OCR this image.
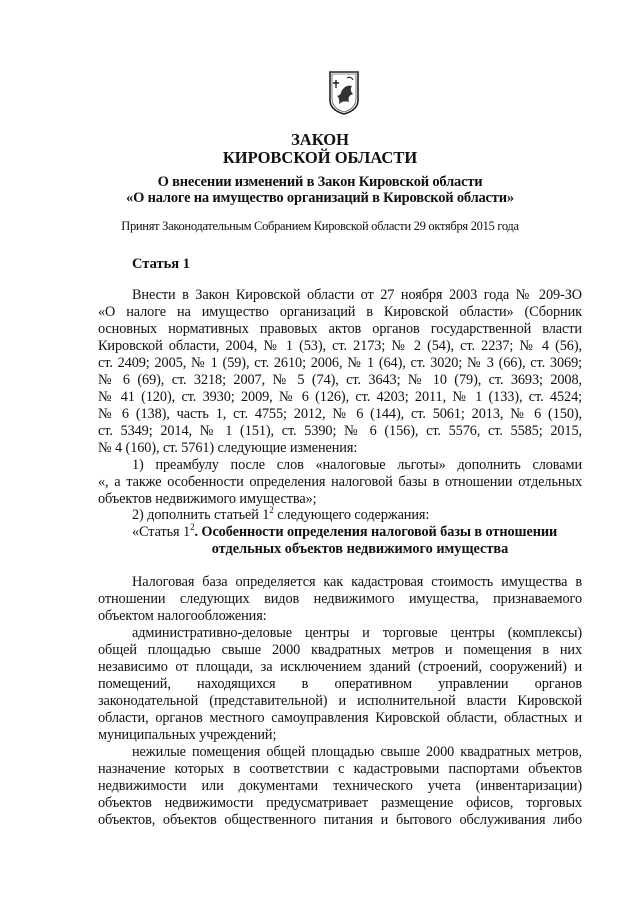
ЗАКОН
КИРОВСКОЙ ОБЛАСТИ
О внесении изменений в Закон Кировской области
«О налоге на имущество организаций в Кировской области»
Принят Законодательным Собранием Кировской области 29 октября 2015 года
Статья 1
Внести в Закон Кировской области от 27 ноября 2003 года № 209-ЗО
«О налоге на имущество организаций в Кировской области» (Сборник
основных нормативных правовых актов органов государственной власти
Кировской области, 2004, № 1 (53), ст. 2173; № 2 (54), ст. 2237; № 4 (56),
ст. 2409; 2005, № 1 (59), ст. 2610; 2006, № 1 (64), ст. 3020; № 3 (66), ст. 3069;
№ 6 (69), ст. 3218; 2007, № 5 (74), ст. 3643; № 10 (79), ст. 3693; 2008,
№ 41 (120), ст. 3930; 2009, № 6 (126), ст. 4203; 2011, № 1 (133), ст. 4524;
№ 6 (138), часть 1, ст. 4755; 2012, № 6 (144), ст. 5061; 2013, № 6 (150),
ст. 5349; 2014, № 1 (151), ст. 5390; № 6 (156), ст. 5576, ст. 5585; 2015,
№ 4 (160), ст. 5761) следующие изменения:
1) преамбулу после слов «налоговые льготы» дополнить словами
«, а также особенности определения налоговой базы в отношении отдельных
объектов недвижимого имущества»;
2) дополнить статьей $1^2$ следующего содержания:
«Статья $1^2$. Особенности определения налоговой базы в отношении
отдельных объектов недвижимого имущества
Налоговая база определяется как кадастровая стоимость имущества в
отношении следующих видов недвижимого имущества, признаваемого
объектом налогообложения:
административно-деловые центры и торговые центры (комплексы)
общей площадью свыше 2000 квадратных метров и помещения в них
независимо от площади, за исключением зданий (строений, сооружений) и
помещений,      находящихся      в      оперативном      управлении      органов
законодательной (представительной) и исполнительной власти Кировской
области, органов местного самоуправления Кировской области, областных и
муниципальных учреждений;
нежилые помещения общей площадью свыше 2000 квадратных метров,
назначение которых в соответствии с кадастровыми паспортами объектов
недвижимости или документами технического учета (инвентаризации)
объектов недвижимости предусматривает размещение офисов, торговых
объектов, объектов общественного питания и бытового обслуживания либо
